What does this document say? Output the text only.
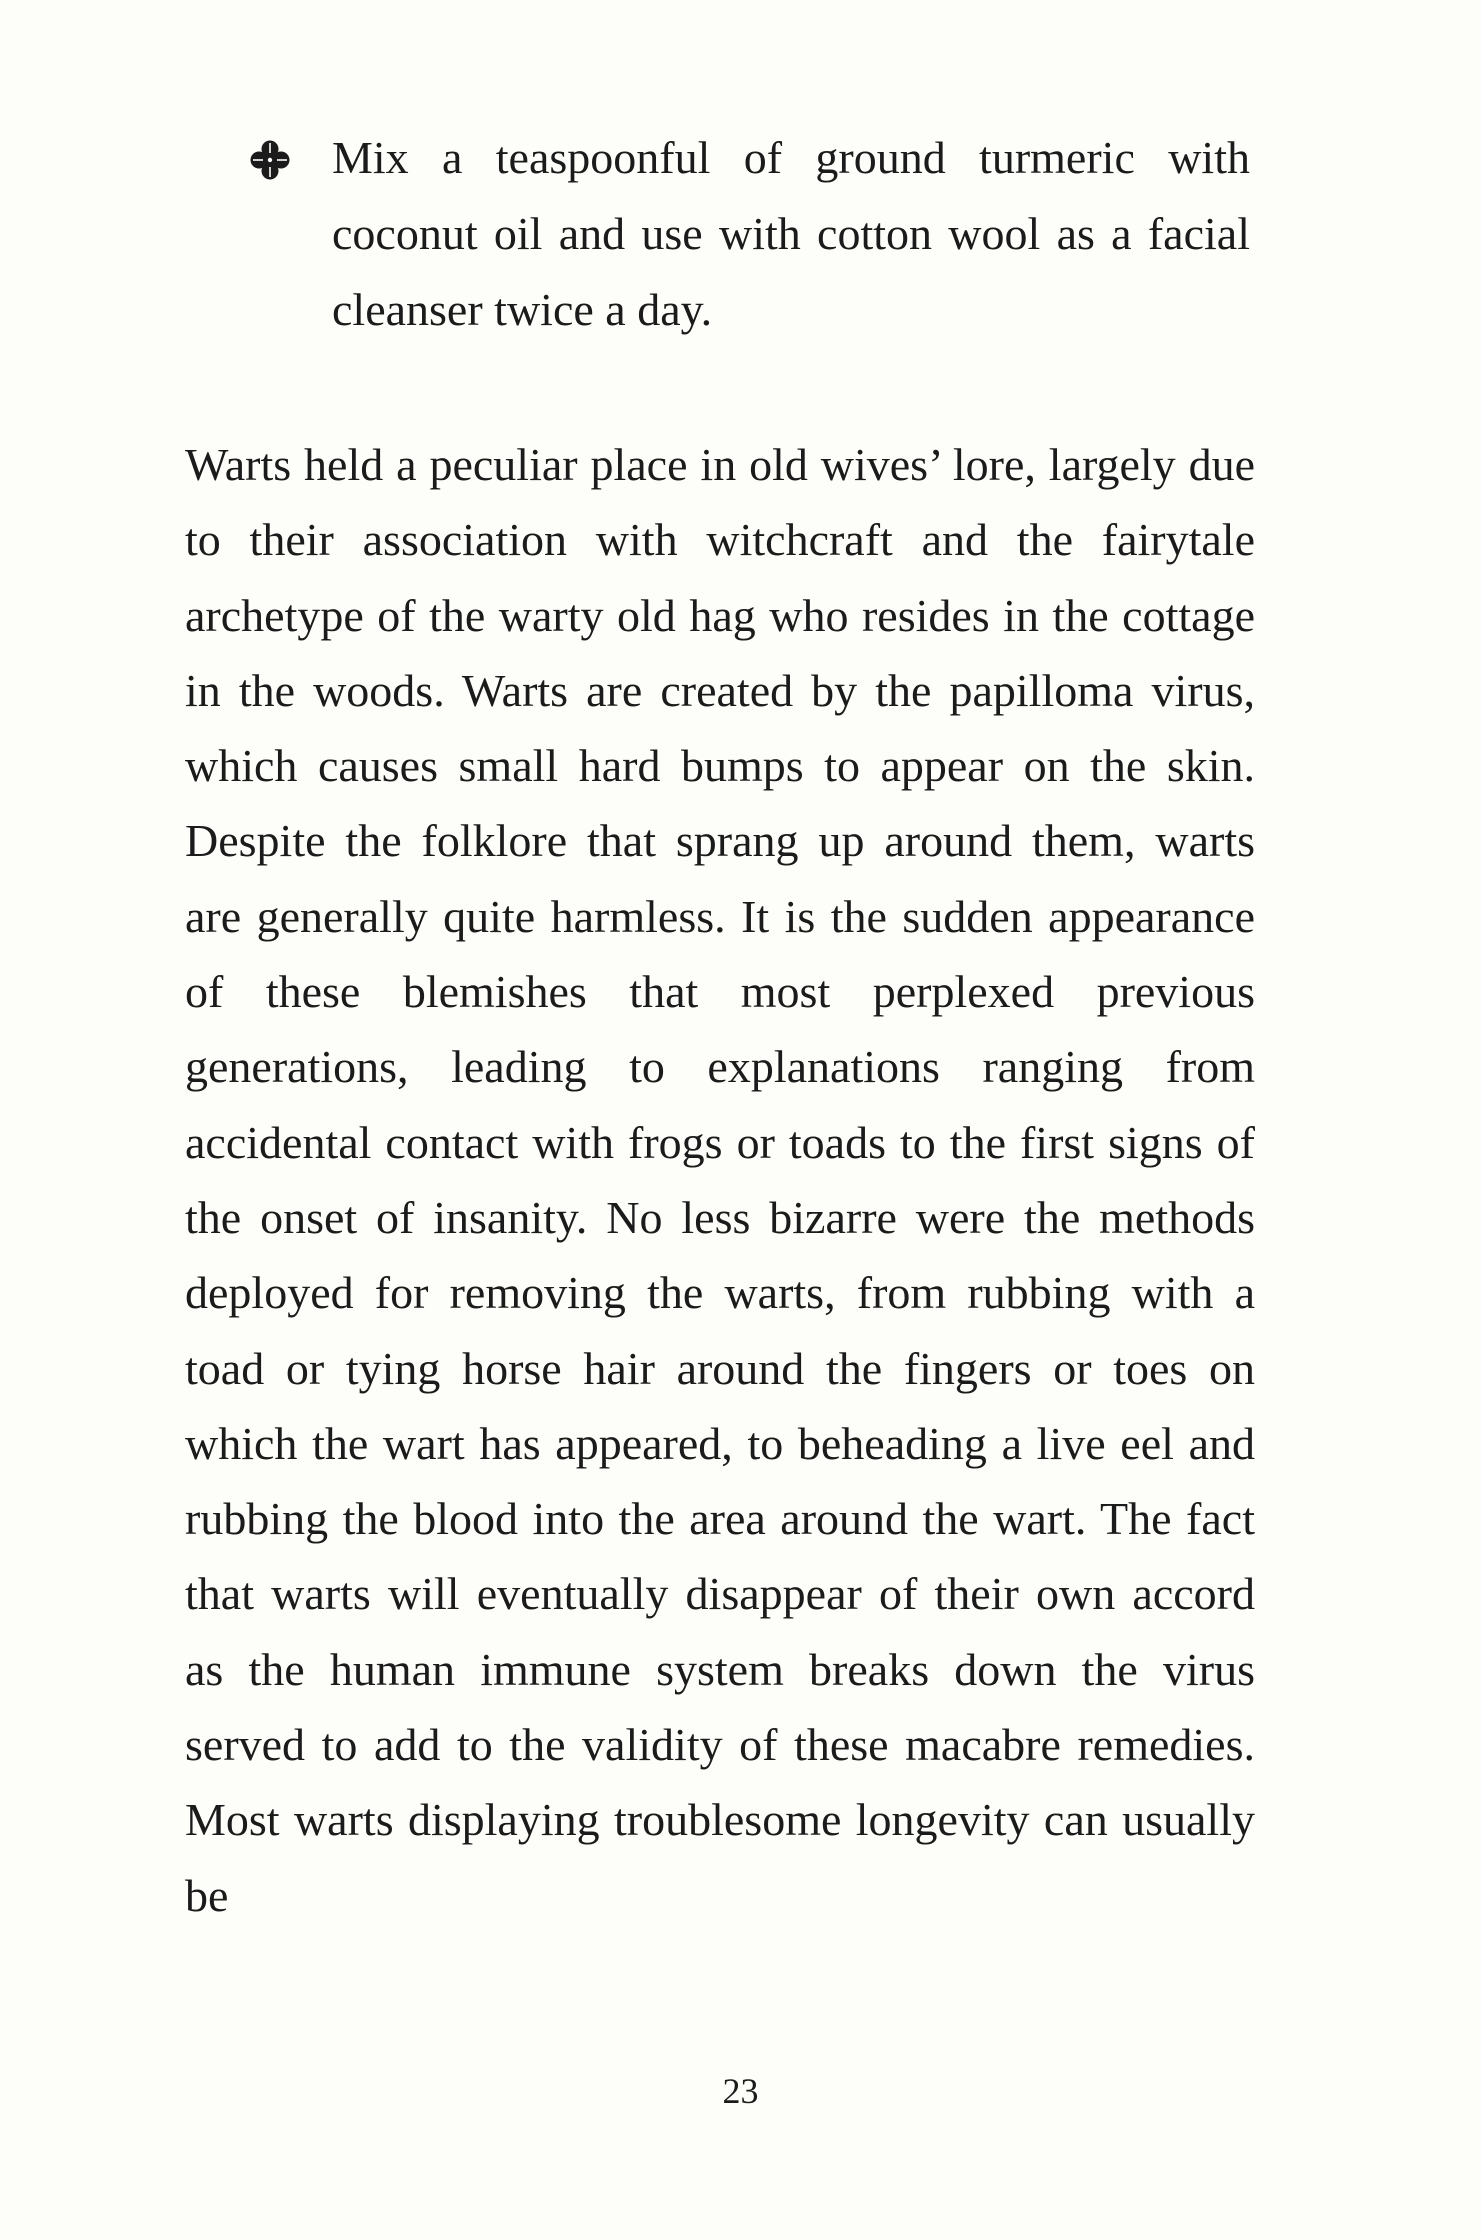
Mix a teaspoonful of ground turmeric with coconut oil and use with cotton wool as a facial cleanser twice a day.

Warts held a peculiar place in old wives’ lore, largely due to their association with witchcraft and the fairytale archetype of the warty old hag who resides in the cottage in the woods. Warts are created by the papilloma virus, which causes small hard bumps to appear on the skin. Despite the folklore that sprang up around them, warts are generally quite harmless. It is the sudden appearance of these blemishes that most perplexed previous generations, leading to explanations ranging from accidental contact with frogs or toads to the first signs of the onset of insanity. No less bizarre were the methods deployed for removing the warts, from rubbing with a toad or tying horse hair around the fingers or toes on which the wart has appeared, to beheading a live eel and rubbing the blood into the area around the wart. The fact that warts will eventually disappear of their own accord as the human immune system breaks down the virus served to add to the validity of these macabre remedies. Most warts displaying troublesome longevity can usually be

23
